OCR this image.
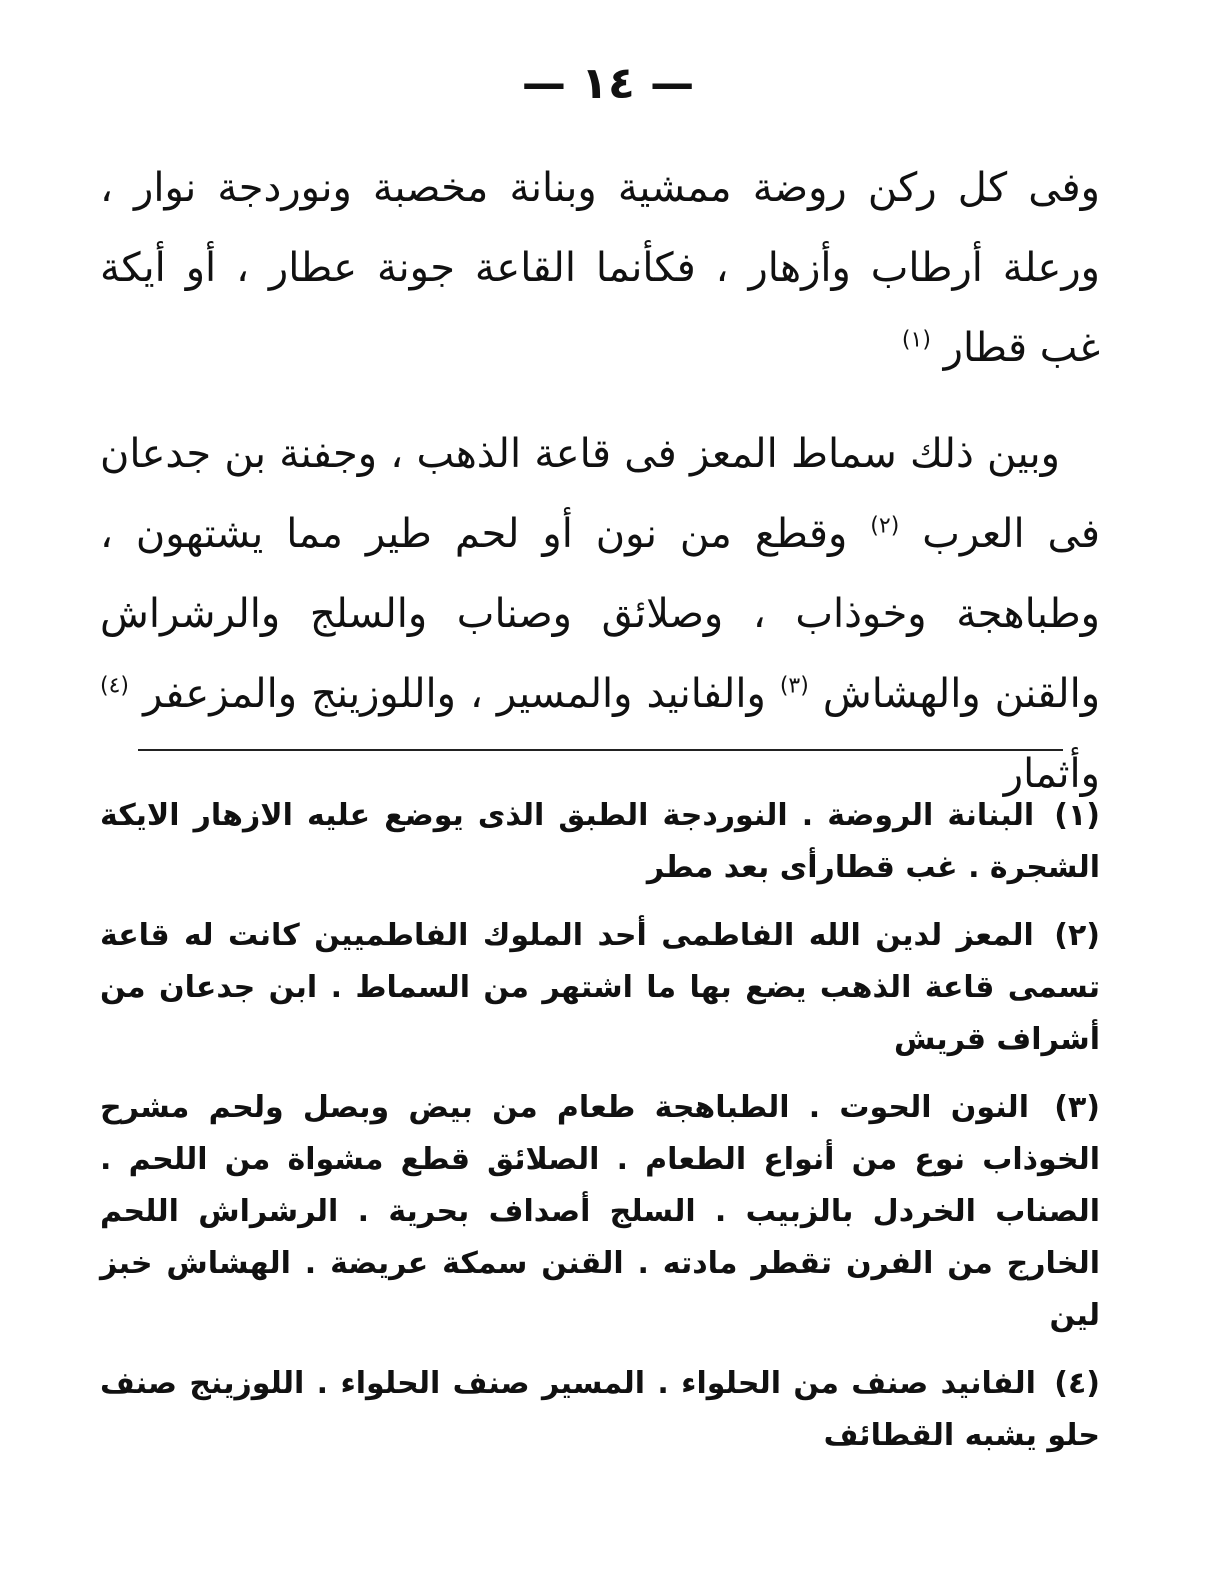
— ١٤ —

وفى كل ركن روضة ممشية وبنانة مخصبة ونوردجة نوار ، ورعلة أرطاب وأزهار ، فكأنما القاعة جونة عطار ، أو أيكة غب قطار $^{(١)}$

وبين ذلك سماط المعز فى قاعة الذهب ، وجفنة بن جدعان فى العرب $^{(٢)}$ وقطع من نون أو لحم طير مما يشتهون ، وطباهجة وخوذاب ، وصلائق وصناب والسلج والرشراش والقنن والهشاش $^{(٣)}$ والفانيد والمسير ، واللوزينج والمزعفر $^{(٤)}$ وأثمار

(١) البنانة الروضة . النوردجة الطبق الذى يوضع عليه الازهار الايكة الشجرة . غب قطارأى بعد مطر

(٢) المعز لدين الله الفاطمى أحد الملوك الفاطميين كانت له قاعة تسمى قاعة الذهب يضع بها ما اشتهر من السماط . ابن جدعان من أشراف قريش

(٣) النون الحوت . الطباهجة طعام من بيض وبصل ولحم مشرح الخوذاب نوع من أنواع الطعام . الصلائق قطع مشواة من اللحم . الصناب الخردل بالزبيب . السلج أصداف بحرية . الرشراش اللحم الخارج من الفرن تقطر مادته . القنن سمكة عريضة . الهشاش خبز لين

(٤) الفانيد صنف من الحلواء . المسير صنف الحلواء . اللوزينج صنف حلو يشبه القطائف
